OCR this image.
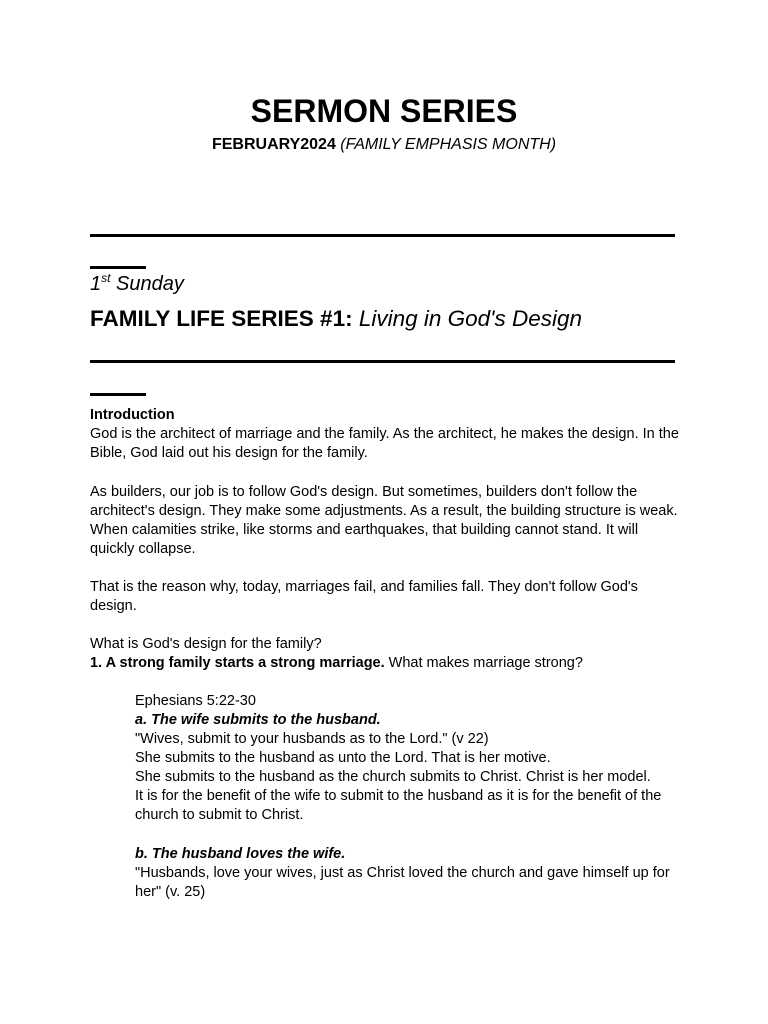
SERMON SERIES
FEBRUARY2024 (FAMILY EMPHASIS MONTH)
1st Sunday
FAMILY LIFE SERIES #1: Living in God's Design

Introduction

God is the architect of marriage and the family. As the architect, he makes the design. In the Bible, God laid out his design for the family.

As builders, our job is to follow God's design. But sometimes, builders don't follow the architect's design. They make some adjustments. As a result, the building structure is weak. When calamities strike, like storms and earthquakes, that building cannot stand. It will quickly collapse.

That is the reason why, today, marriages fail, and families fall. They don't follow God's design.

What is God's design for the family?

1. A strong family starts a strong marriage. What makes marriage strong?

Ephesians 5:22-30

a. The wife submits to the husband.

"Wives, submit to your husbands as to the Lord." (v 22)

She submits to the husband as unto the Lord. That is her motive.

She submits to the husband as the church submits to Christ. Christ is her model.

It is for the benefit of the wife to submit to the husband as it is for the benefit of the church to submit to Christ.

b. The husband loves the wife.

"Husbands, love your wives, just as Christ loved the church and gave himself up for her" (v. 25)
